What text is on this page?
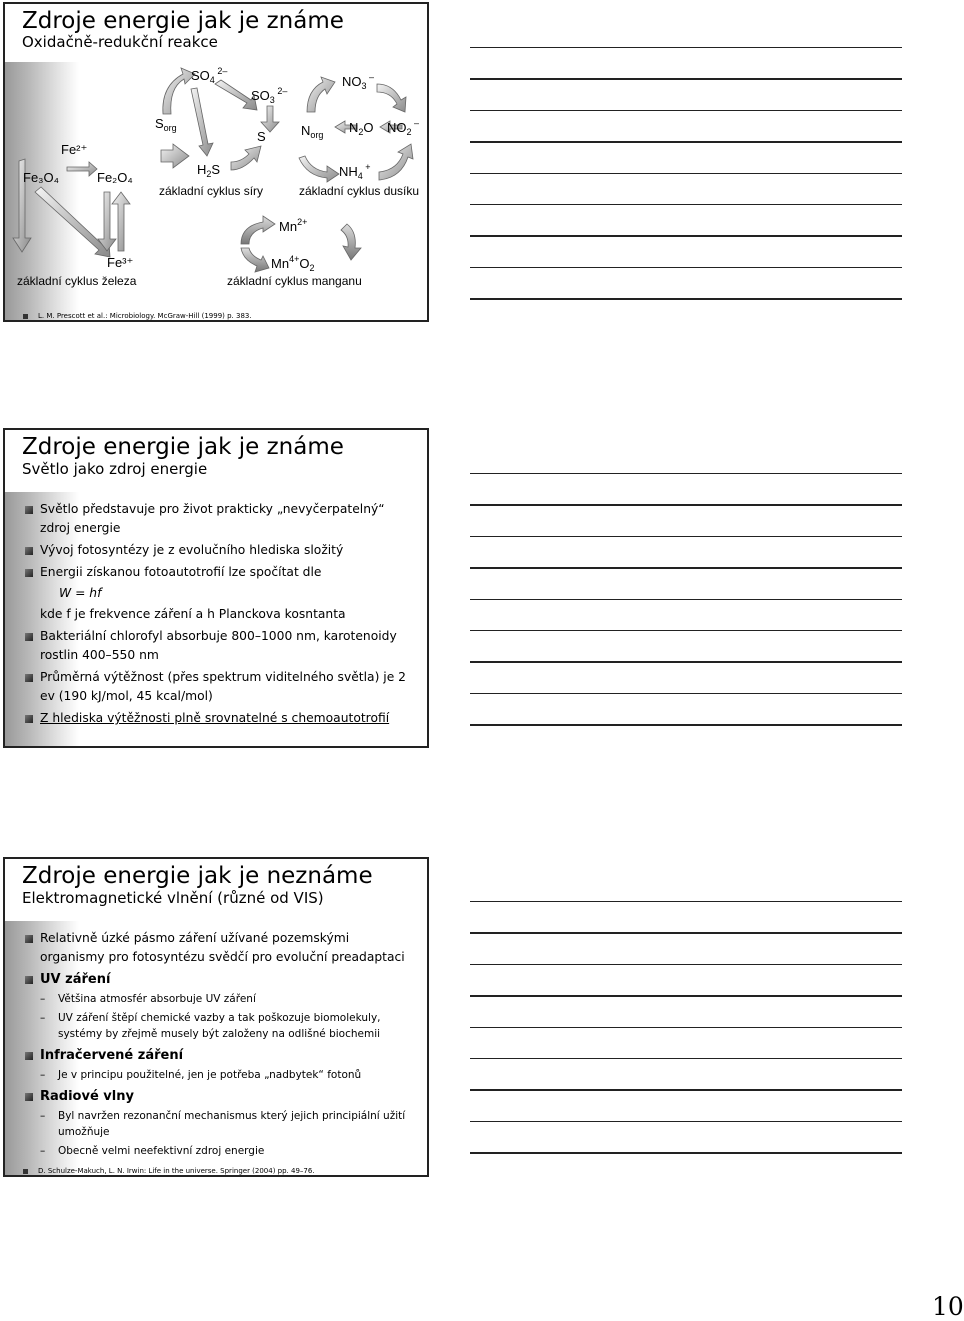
Zdroje energie jak je známe
Oxidačně-redukční reakce
Fe²⁺
Fe₃O₄	Fe₂O₄
Fe³⁺
základní cyklus železa
$S_{org}$
$SO_4$ $^{2-}$
$SO_3$ $^{2-}$
S
$H_2S$
základní cyklus síry
$N_{org}$
$NO_3$ –
$N_2O$ $NO_2$ –
$NH_4$ +
základní cyklus dusíku
$Mn^{2+}$
$Mn^{4+}O_2$
základní cyklus manganu
L. M. Prescott et al.: Microbiology. McGraw-Hill (1999) p. 383.
Zdroje energie jak je známe
Světlo jako zdroj energie
Světlo představuje pro život prakticky „nevyčerpatelný“ zdroj energie
Vývoj fotosyntézy je z evolučního hlediska složitý
Energii získanou fotoautotrofií lze spočítat dle
W = hf
kde f je frekvence záření a h Planckova kosntanta
Bakteriální chlorofyl absorbuje 800–1000 nm, karotenoidy rostlin 400–550 nm
Průměrná výtěžnost (přes spektrum viditelného světla) je 2 ev (190 kJ/mol, 45 kcal/mol)
Z hlediska výtěžnosti plně srovnatelné s chemoautotrofií
Zdroje energie jak je neznáme
Elektromagnetické vlnění (různé od VIS)
Relativně úzké pásmo záření užívané pozemskými organismy pro fotosyntézu svědčí pro evoluční preadaptaci
UV záření
– Většina atmosfér absorbuje UV záření
– UV záření štěpí chemické vazby a tak poškozuje biomolekuly, systémy by zřejmě musely být založeny na odlišné biochemii
Infračervené záření
– Je v principu použitelné, jen je potřeba „nadbytek“ fotonů
Radiové vlny
– Byl navržen rezonanční mechanismus který jejich principiální užití umožňuje
– Obecně velmi neefektivní zdroj energie
D. Schulze-Makuch, L. N. Irwin: Life in the universe. Springer (2004) pp. 49–76.
10
